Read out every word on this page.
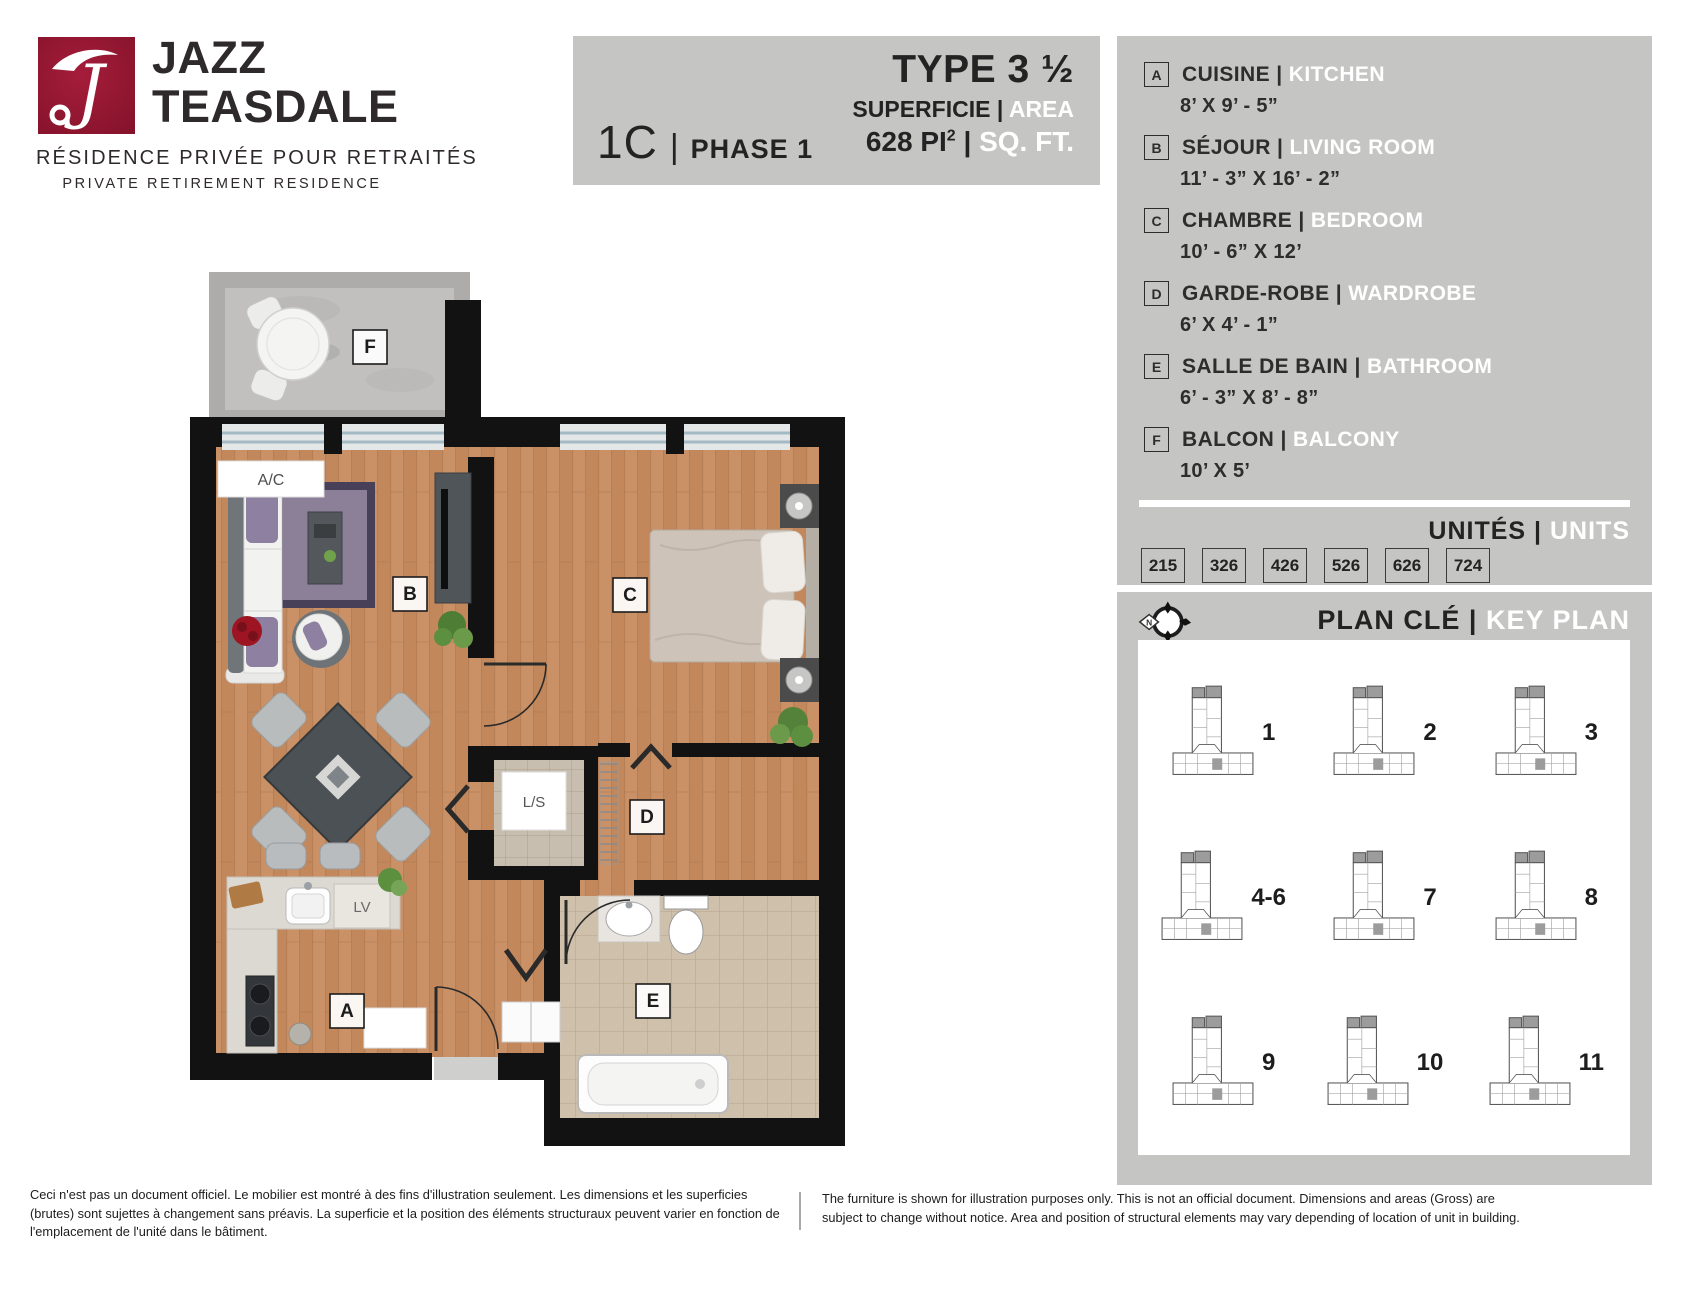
J JAZZ
TEASDALE
RÉSIDENCE PRIVÉE POUR RETRAITÉS
PRIVATE RETIREMENT RESIDENCE
1C | PHASE 1
TYPE 3 ½
SUPERFICIE | AREA
628 $PI^2$ | SQ. FT.
A CUISINE | KITCHEN
8’ X 9’ - 5”
B SÉJOUR | LIVING ROOM
11’ - 3” X 16’ - 2”
C CHAMBRE | BEDROOM
10’ - 6” X 12’
D GARDE-ROBE | WARDROBE
6’ X 4’ - 1”
E SALLE DE BAIN | BATHROOM
6’ - 3” X 8’ - 8”
F	BALCON | BALCONY
10’ X 5’
UNITÉS | UNITS
215	326	426	526	626	724
N	PLAN CLÉ | KEY PLAN
1	2	3
4-6	7	8
9	10	11
L/S
LV
A/C
F
B	C
D
E
A
Ceci n'est pas un document officiel. Le mobilier est montré à des fins d'illustration seulement. Les dimensions et les superficies (brutes) sont sujettes à changement sans préavis. La superficie et la position des éléments structuraux peuvent varier en fonction de l'emplacement de l'unité dans le bâtiment.
The furniture is shown for illustration purposes only. This is not an official document. Dimensions and areas (Gross) are subject to change without notice. Area and position of structural elements may vary depending of location of unit in building.
